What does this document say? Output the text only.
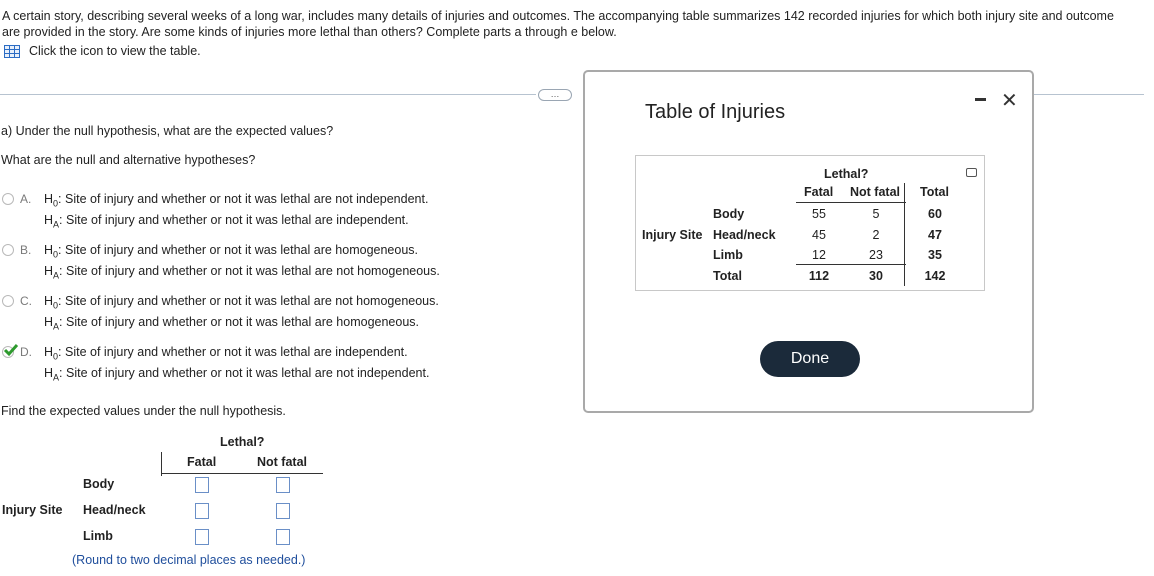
A certain story, describing several weeks of a long war, includes many details of injuries and outcomes. The accompanying table summarizes 142 recorded injuries for which both injury site and outcome are provided in the story. Are some kinds of injuries more lethal than others? Complete parts a through e below.
Click the icon to view the table.
…
a) Under the null hypothesis, what are the expected values?
What are the null and alternative hypotheses?
A. $H_0$: Site of injury and whether or not it was lethal are not independent.
$H_A$: Site of injury and whether or not it was lethal are independent.
B. $H_0$: Site of injury and whether or not it was lethal are homogeneous.
$H_A$: Site of injury and whether or not it was lethal are not homogeneous.
C. $H_0$: Site of injury and whether or not it was lethal are not homogeneous.
$H_A$: Site of injury and whether or not it was lethal are homogeneous.
D. $H_0$: Site of injury and whether or not it was lethal are independent.
$H_A$: Site of injury and whether or not it was lethal are not independent.
Find the expected values under the null hypothesis.
Lethal?
Fatal	Not fatal
Body
Injury Site Head/neck
Limb
(Round to two decimal places as needed.)
Table of Injuries	✕
Lethal?
Fatal Not fatal Total
Injury Site
Body	55	5	60
Head/neck	45	2	47
Limb	12	23	35
Total	112	30	142
Done
